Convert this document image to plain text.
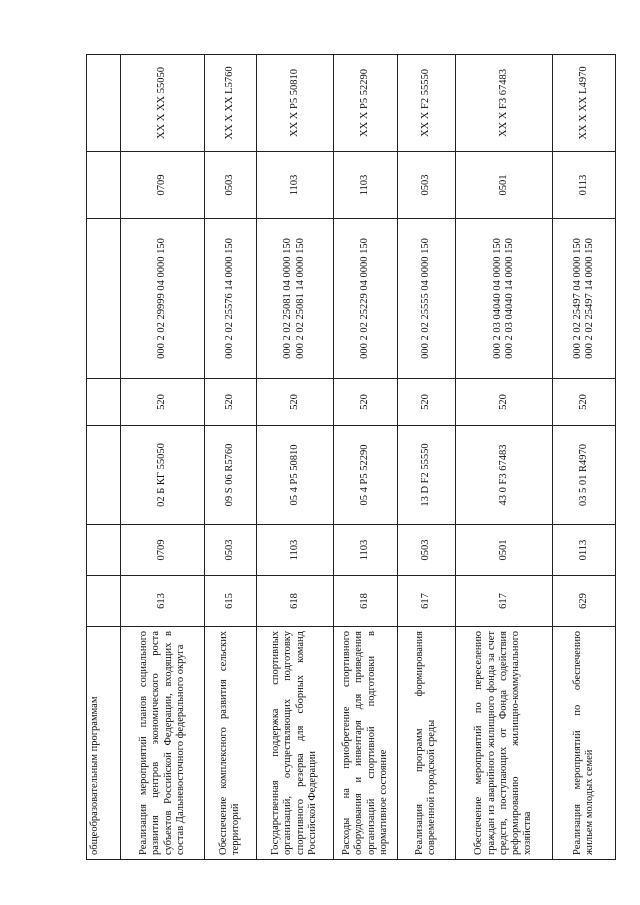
общеобразовательным программам							
Реализация мероприятий планов социального развития центров экономического роста субъектов Российской Федерации, входящих в состав Дальневосточного федерального округа	613	0709	02 Б КГ 55050	520	000 2 02 29999 04 0000 150	0709	XX X XX 55050
Обеспечение комплексного развития сельских территорий	615	0503	09 S 06 R5760	520	000 2 02 25576 14 0000 150	0503	XX X XX L5760
Государственная поддержка спортивных организаций, осуществляющих подготовку спортивного резерва для сборных команд Российской Федерации	618	1103	05 4 P5 50810	520	000 2 02 25081 04 0000 150 000 2 02 25081 14 0000 150	1103	XX X P5 50810
Расходы на приобретение спортивного оборудования и инвентаря для приведения организаций спортивной подготовки в нормативное состояние	618	1103	05 4 P5 52290	520	000 2 02 25229 04 0000 150	1103	XX X P5 52290
Реализация программ формирования современной городской среды	617	0503	13 D F2 55550	520	000 2 02 25555 04 0000 150	0503	XX X F2 55550
Обеспечение мероприятий по переселению граждан из аварийного жилищного фонда за счет средств, поступающих от Фонда содействия реформированию жилищно-коммунального хозяйства	617	0501	43 0 F3 67483	520	000 2 03 04040 04 0000 150 000 2 03 04040 14 0000 150	0501	XX X F3 67483
Реализация мероприятий по обеспечению жильем молодых семей	629	0113	03 5 01 R4970	520	000 2 02 25497 04 0000 150 000 2 02 25497 14 0000 150	0113	XX X XX L4970
